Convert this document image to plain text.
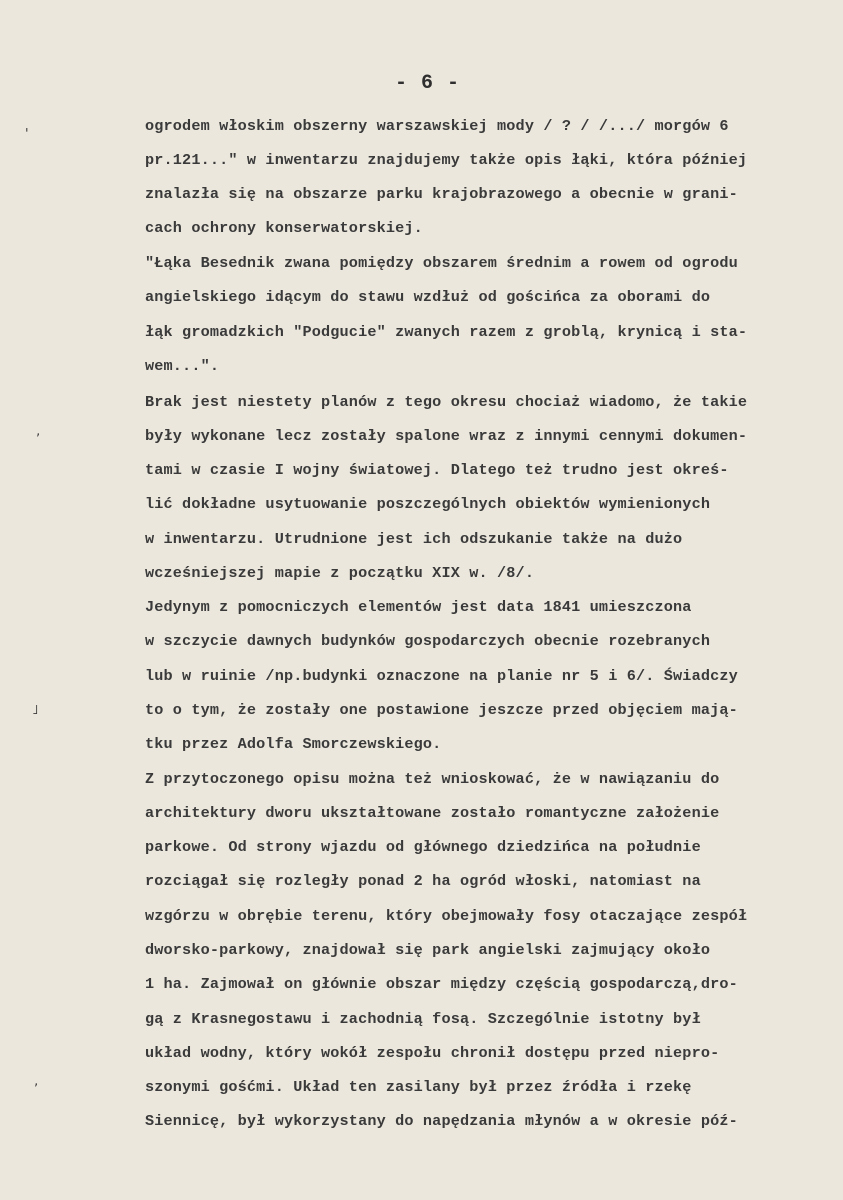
- 6 -
'
ʼ
˩
ʼ
ogrodem włoskim obszerny warszawskiej mody / ? / /.../ morgów 6
pr.121..." w inwentarzu znajdujemy także opis łąki, która później
znalazła się na obszarze parku krajobrazowego a obecnie w grani-
cach ochrony konserwatorskiej.
"Łąka Besednik zwana pomiędzy obszarem średnim a rowem od ogrodu
angielskiego idącym do stawu wzdłuż od gościńca za oborami do
łąk gromadzkich "Podgucie" zwanych razem z groblą, krynicą i sta-
wem...".
Brak jest niestety planów z tego okresu chociaż wiadomo, że takie
były wykonane lecz zostały spalone wraz z innymi cennymi dokumen-
tami w czasie I wojny światowej. Dlatego też trudno jest okreś-
lić dokładne usytuowanie poszczególnych obiektów wymienionych
w inwentarzu. Utrudnione jest ich odszukanie także na dużo
wcześniejszej mapie z początku XIX w. /8/.
Jedynym z pomocniczych elementów jest data 1841 umieszczona
w szczycie dawnych budynków gospodarczych obecnie rozebranych
lub w ruinie /np.budynki oznaczone na planie nr 5 i 6/. Świadczy
to o tym, że zostały one postawione jeszcze przed objęciem mają-
tku przez Adolfa Smorczewskiego.
Z przytoczonego opisu można też wnioskować, że w nawiązaniu do
architektury dworu ukształtowane zostało romantyczne założenie
parkowe. Od strony wjazdu od głównego dziedzińca na południe
rozciągał się rozległy ponad 2 ha ogród włoski, natomiast na
wzgórzu w obrębie terenu, który obejmowały fosy otaczające zespół
dworsko-parkowy, znajdował się park angielski zajmujący około
1 ha. Zajmował on głównie obszar między częścią gospodarczą,dro-
gą z Krasnegostawu i zachodnią fosą. Szczególnie istotny był
układ wodny, który wokół zespołu chronił dostępu przed niepro-
szonymi gośćmi. Układ ten zasilany był przez źródła i rzekę
Siennicę, był wykorzystany do napędzania młynów a w okresie póź-
